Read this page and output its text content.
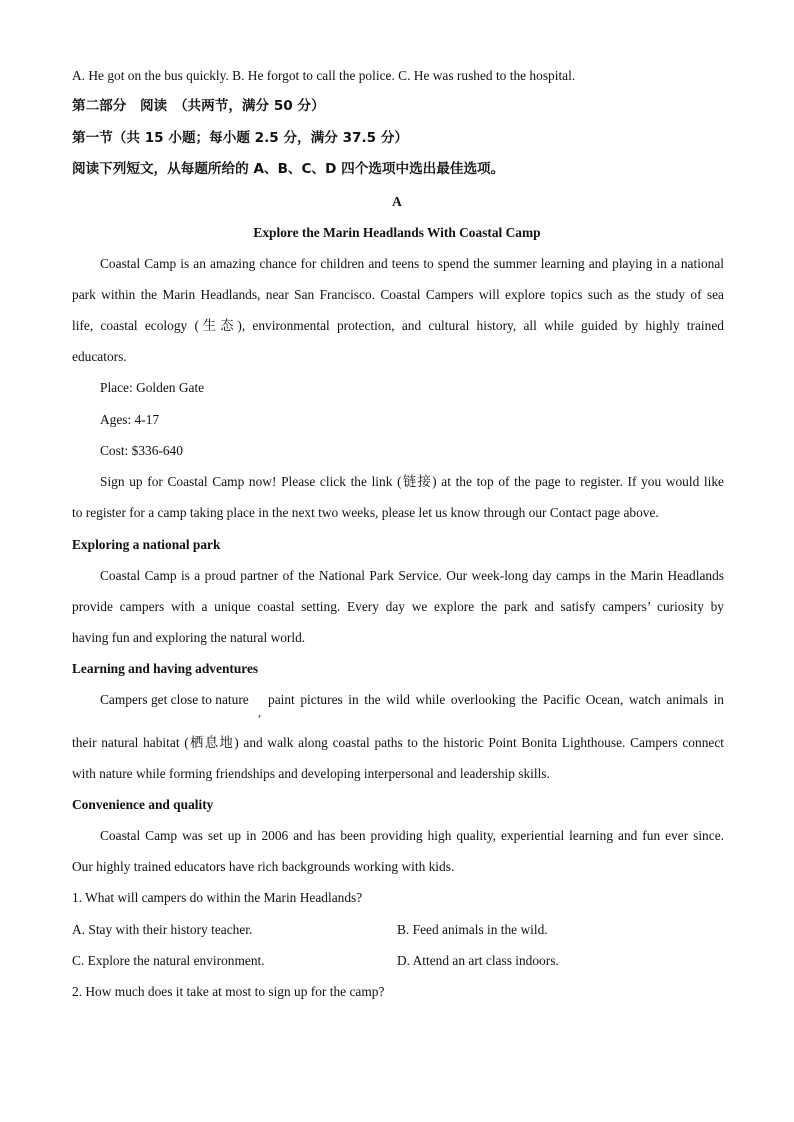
A. He got on the bus quickly. B. He forgot to call the police. C. He was rushed to the hospital.
第二部分　阅读　（共两节，满分 50 分）
第一节（共 15 小题；每小题 2.5 分，满分 37.5 分）
阅读下列短文，从每题所给的 A、B、C、D 四个选项中选出最佳选项。
A
Explore the Marin Headlands With Coastal Camp
Coastal Camp is an amazing chance for children and teens to spend the summer learning and playing in a national
park within the Marin Headlands, near San Francisco. Coastal Campers will explore topics such as the study of sea
life, coastal ecology (生态), environmental protection, and cultural history, all while guided by highly trained
educators.
Place: Golden Gate
Ages: 4-17
Cost: $336-640
Sign up for Coastal Camp now! Please click the link (链接) at the top of the page to register. If you would like
to register for a camp taking place in the next two weeks, please let us know through our Contact page above.
Exploring a national park
Coastal Camp is a proud partner of the National Park Service. Our week-long day camps in the Marin Headlands
provide campers with a unique coastal setting. Every day we explore the park and satisfy campers’ curiosity by
having fun and exploring the natural world.
Learning and having adventures
Campers get close to nature
,
paint pictures in the wild while overlooking the Pacific Ocean, watch animals in
their natural habitat (栖息地) and walk along coastal paths to the historic Point Bonita Lighthouse. Campers connect
with nature while forming friendships and developing interpersonal and leadership skills.
Convenience and quality
Coastal Camp was set up in 2006 and has been providing high quality, experiential learning and fun ever since.
Our highly trained educators have rich backgrounds working with kids.
1. What will campers do within the Marin Headlands?
A. Stay with their history teacher.	B. Feed animals in the wild.
C. Explore the natural environment.	D. Attend an art class indoors.
2. How much does it take at most to sign up for the camp?
